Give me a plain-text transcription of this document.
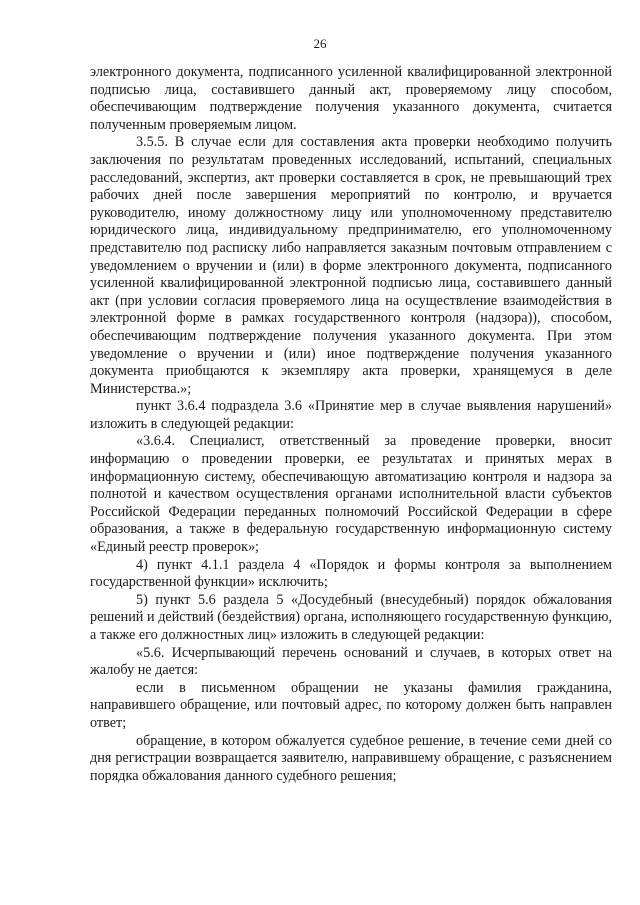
26

электронного документа, подписанного усиленной квалифицированной электронной подписью лица, составившего данный акт, проверяемому лицу способом, обеспечивающим подтверждение получения указанного документа, считается полученным проверяемым лицом.

3.5.5. В случае если для составления акта проверки необходимо получить заключения по результатам проведенных исследований, испытаний, специальных расследований, экспертиз, акт проверки составляется в срок, не превышающий трех рабочих дней после завершения мероприятий по контролю, и вручается руководителю, иному должностному лицу или уполномоченному представителю юридического лица, индивидуальному предпринимателю, его уполномоченному представителю под расписку либо направляется заказным почтовым отправлением с уведомлением о вручении и (или) в форме электронного документа, подписанного усиленной квалифицированной электронной подписью лица, составившего данный акт (при условии согласия проверяемого лица на осуществление взаимодействия в электронной форме в рамках государственного контроля (надзора)), способом, обеспечивающим подтверждение получения указанного документа. При этом уведомление о вручении и (или) иное подтверждение получения указанного документа приобщаются к экземпляру акта проверки, хранящемуся в деле Министерства.»;

пункт 3.6.4 подраздела 3.6 «Принятие мер в случае выявления нарушений» изложить в следующей редакции:

«3.6.4. Специалист, ответственный за проведение проверки, вносит информацию о проведении проверки, ее результатах и принятых мерах в информационную систему, обеспечивающую автоматизацию контроля и надзора за полнотой и качеством осуществления органами исполнительной власти субъектов Российской Федерации переданных полномочий Российской Федерации в сфере образования, а также в федеральную государственную информационную систему «Единый реестр проверок»;

4) пункт 4.1.1 раздела 4 «Порядок и формы контроля за выполнением государственной функции» исключить;

5) пункт 5.6 раздела 5 «Досудебный (внесудебный) порядок обжалования решений и действий (бездействия) органа, исполняющего государственную функцию, а также его должностных лиц» изложить в следующей редакции:

«5.6. Исчерпывающий перечень оснований и случаев, в которых ответ на жалобу не дается:

если в письменном обращении не указаны фамилия гражданина, направившего обращение, или почтовый адрес, по которому должен быть направлен ответ;

обращение, в котором обжалуется судебное решение, в течение семи дней со дня регистрации возвращается заявителю, направившему обращение, с разъяснением порядка обжалования данного судебного решения;
